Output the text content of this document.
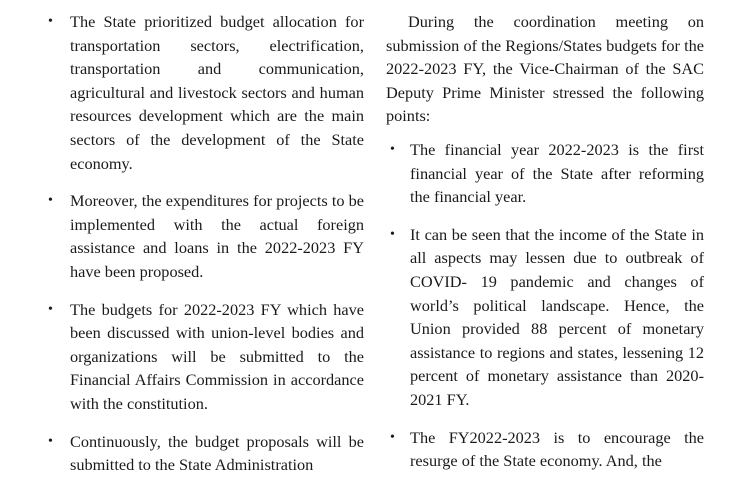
• The State prioritized budget allocation for transportation sectors, electrification, transportation and communication, agricultural and livestock sectors and human resources development which are the main sectors of the development of the State economy.
• Moreover, the expenditures for projects to be implemented with the actual foreign assistance and loans in the 2022-2023 FY have been proposed.
• The budgets for 2022-2023 FY which have been discussed with union-level bodies and organizations will be submitted to the Financial Affairs Commission in accordance with the constitution.
• Continuously, the budget proposals will be submitted to the State Administration

During the coordination meeting on submission of the Regions/States budgets for the 2022-2023 FY, the Vice-Chairman of the SAC Deputy Prime Minister stressed the following points:

• The financial year 2022-2023 is the first financial year of the State after reforming the financial year.
• It can be seen that the income of the State in all aspects may lessen due to outbreak of COVID- 19 pandemic and changes of world’s political landscape. Hence, the Union provided 88 percent of monetary assistance to regions and states, lessening 12 percent of monetary assistance than 2020-2021 FY.
• The FY2022-2023 is to encourage the resurge of the State economy. And, the
